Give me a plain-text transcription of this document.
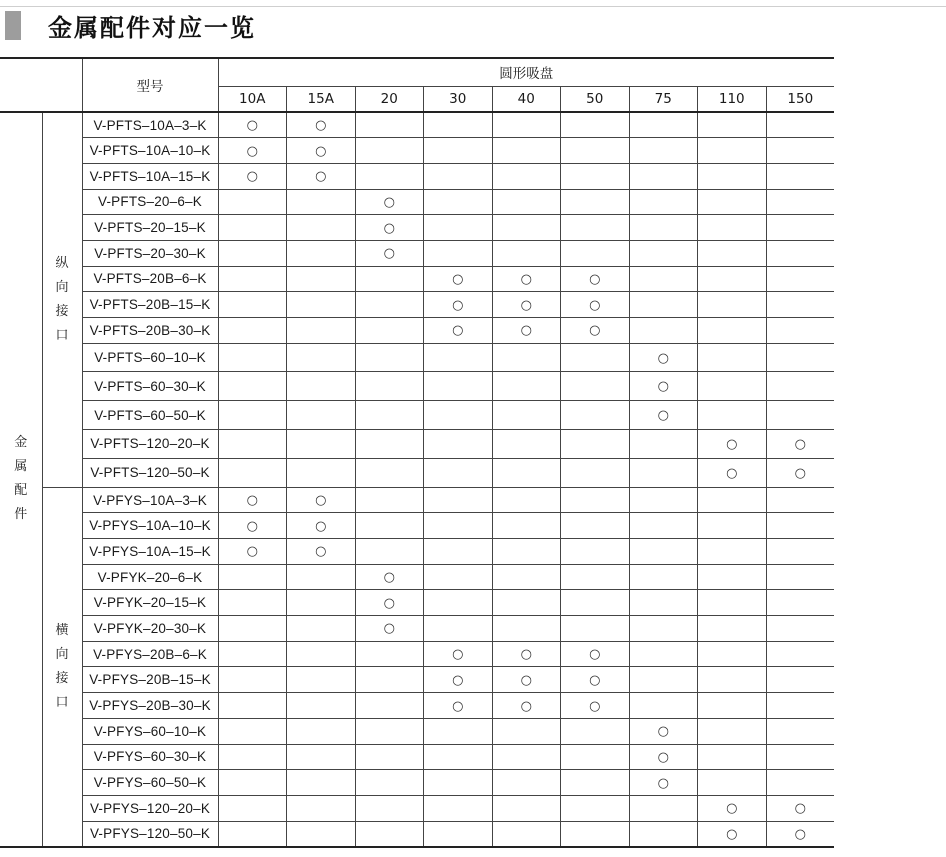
金属配件对应一览
		型号	圆形吸盘								
			10A	15A	20	30	40	50	75	110	150
金属配件	纵向接口	V-PFTS–10A–3–K	○	○							
		V-PFTS–10A–10–K	○	○							
		V-PFTS–10A–15–K	○	○							
		V-PFTS–20–6–K			○						
		V-PFTS–20–15–K			○						
		V-PFTS–20–30–K			○						
		V-PFTS–20B–6–K				○	○	○			
		V-PFTS–20B–15–K				○	○	○			
		V-PFTS–20B–30–K				○	○	○			
		V-PFTS–60–10–K							○		
		V-PFTS–60–30–K							○		
		V-PFTS–60–50–K							○		
		V-PFTS–120–20–K								○	○
		V-PFTS–120–50–K								○	○
	横向接口	V-PFYS–10A–3–K	○	○							
		V-PFYS–10A–10–K	○	○							
		V-PFYS–10A–15–K	○	○							
		V-PFYK–20–6–K			○						
		V-PFYK–20–15–K			○						
		V-PFYK–20–30–K			○						
		V-PFYS–20B–6–K				○	○	○			
		V-PFYS–20B–15–K				○	○	○			
		V-PFYS–20B–30–K				○	○	○			
		V-PFYS–60–10–K							○		
		V-PFYS–60–30–K							○		
		V-PFYS–60–50–K							○		
		V-PFYS–120–20–K								○	○
		V-PFYS–120–50–K								○	○
